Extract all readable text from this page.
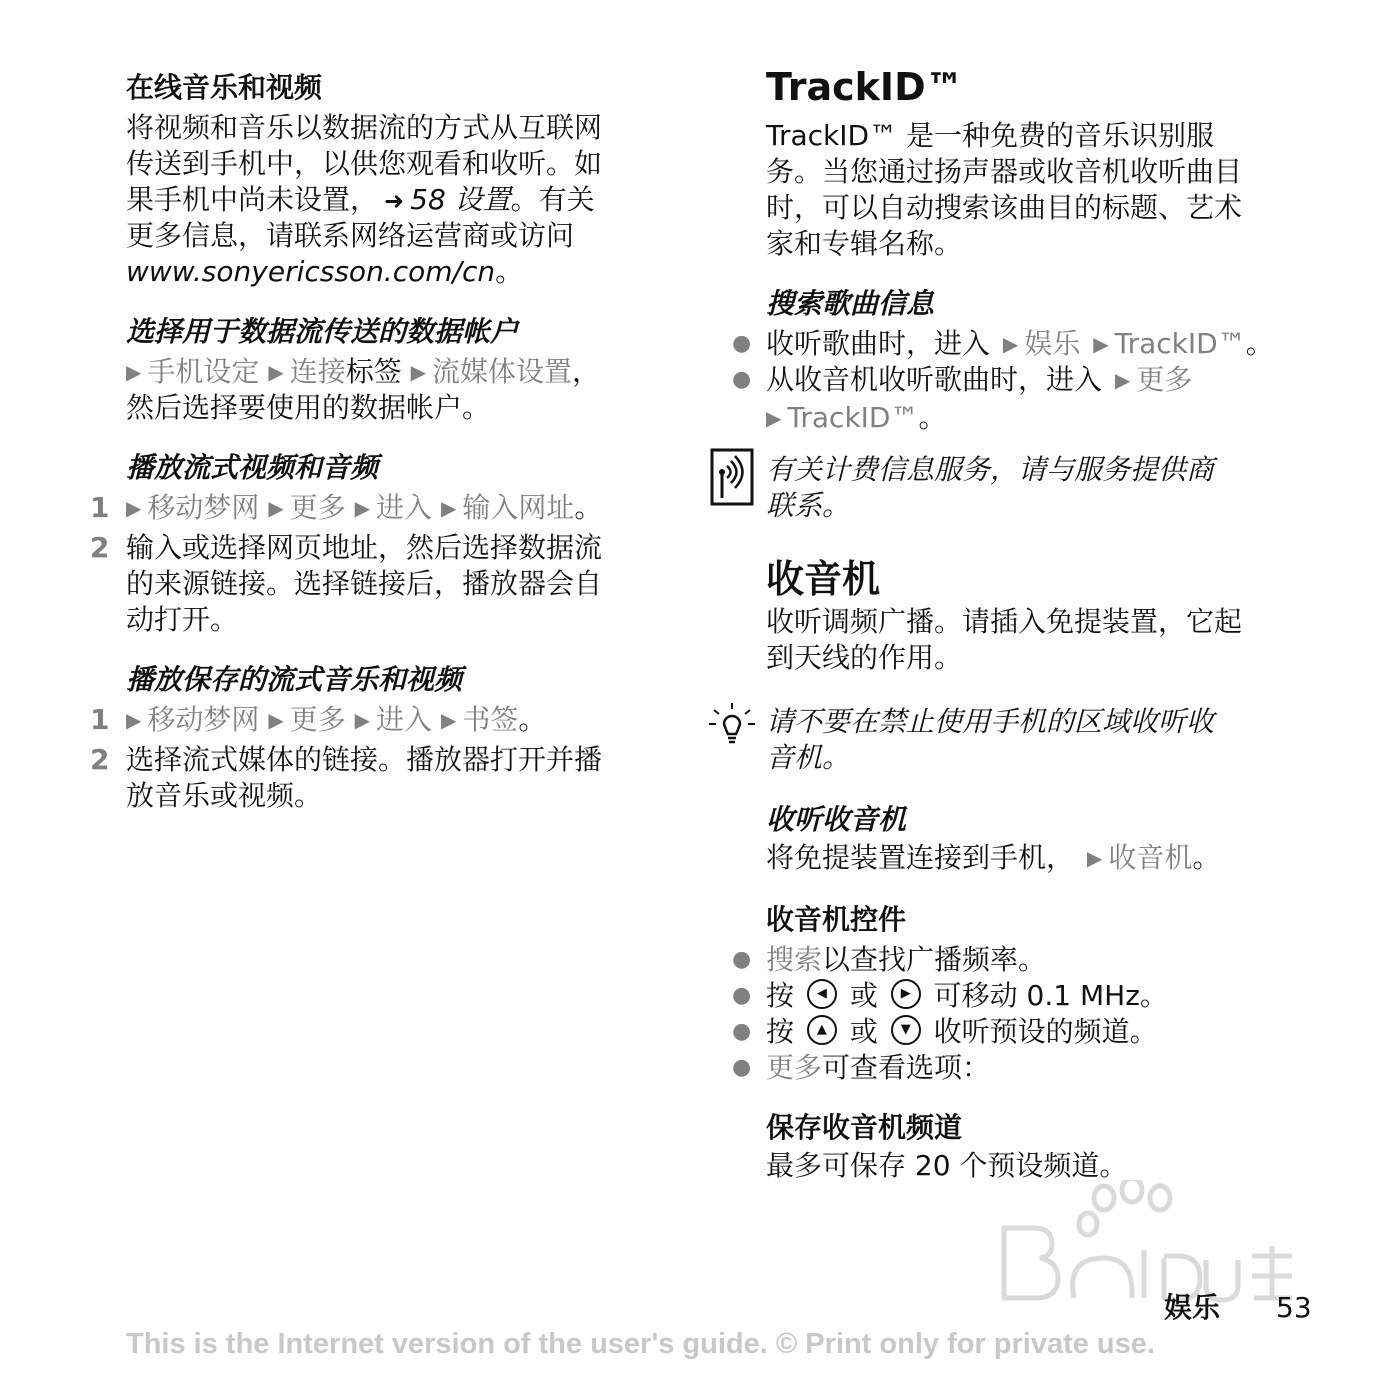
在线音乐和视频
将视频和音乐以数据流的方式从互联网
传送到手机中，以供您观看和收听。如
果手机中尚未设置， ➜ 58 设置。有关
更多信息，请联系网络运营商或访问
www.sonyericsson.com/cn。
选择用于数据流传送的数据帐户
▶ 手机设定 ▶ 连接标签 ▶ 流媒体设置，
然后选择要使用的数据帐户。
播放流式视频和音频
1 ▶ 移动梦网 ▶ 更多 ▶ 进入 ▶ 输入网址。
2 输入或选择网页地址，然后选择数据流
的来源链接。选择链接后，播放器会自
动打开。
播放保存的流式音乐和视频
1 ▶ 移动梦网 ▶ 更多 ▶ 进入 ▶ 书签。
2 选择流式媒体的链接。播放器打开并播
放音乐或视频。
TrackID™
TrackID™ 是一种免费的音乐识别服
务。当您通过扬声器或收音机收听曲目
时，可以自动搜索该曲目的标题、艺术
家和专辑名称。
搜索歌曲信息
● 收听歌曲时，进入 ▶ 娱乐 ▶ TrackID™。
● 从收音机收听歌曲时，进入 ▶ 更多
▶ TrackID™。
有关计费信息服务，请与服务提供商
联系。
收音机
收听调频广播。请插入免提装置，它起
到天线的作用。
请不要在禁止使用手机的区域收听收
音机。
收听收音机
将免提装置连接到手机， ▶ 收音机。
收音机控件
● 搜索以查找广播频率。
● 按 ◀ 或 ▶ 可移动 0.1 MHz。
● 按 ▲ 或 ▼ 收听预设的频道。
● 更多可查看选项：
保存收音机频道
最多可保存 20 个预设频道。
娱乐 53
This is the Internet version of the user's guide. © Print only for private use.
